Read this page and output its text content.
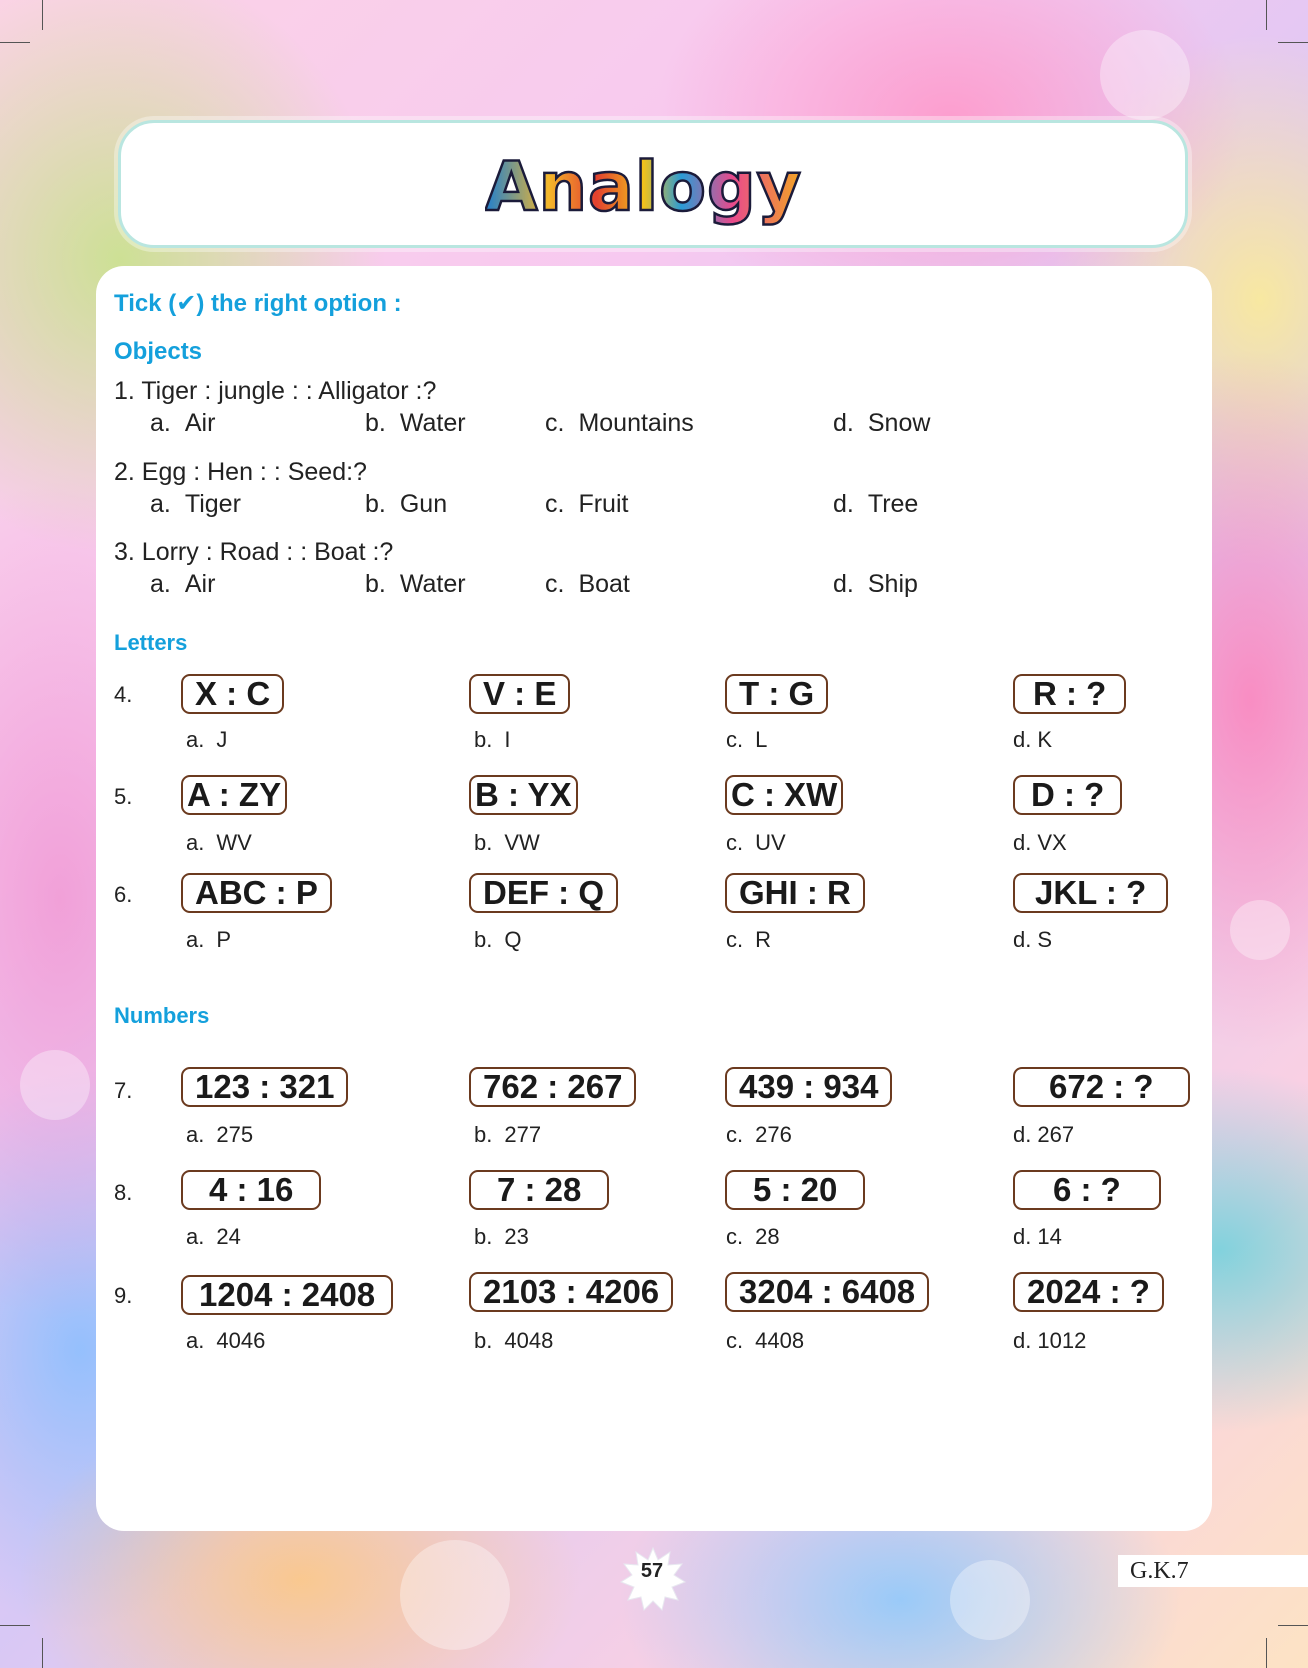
Analogy
Tick (✔) the right option :
Objects
1. Tiger : jungle : : Alligator :?
a. Air	b. Water	c. Mountains	d. Snow
2. Egg : Hen : : Seed:?
a. Tiger	b. Gun	c. Fruit	d. Tree
3. Lorry : Road : : Boat :?
a. Air	b. Water	c. Boat	d. Ship
Letters
4.	X : C	V : E	T : G	R : ?
a. J	b. I	c. L	d. K
5. A : ZY	B : YX	C : XW	D : ?
a. WV	b. VW	c. UV	d. VX
6.	ABC : P	DEF : Q	GHI : R	JKL : ?
a. P	b. Q	c. R	d. S
Numbers
7.	123 : 321	762 : 267	439 : 934	672 : ?
a. 275	b. 277	c. 276	d. 267
8.	4 : 16	7 : 28	5 : 20	6 : ?
a. 24	b. 23	c. 28	d. 14
9.	1204 : 2408	2103 : 4206	3204 : 6408	2024 : ?
a. 4046	b. 4048	c. 4408	d. 1012
57	G.K.7
